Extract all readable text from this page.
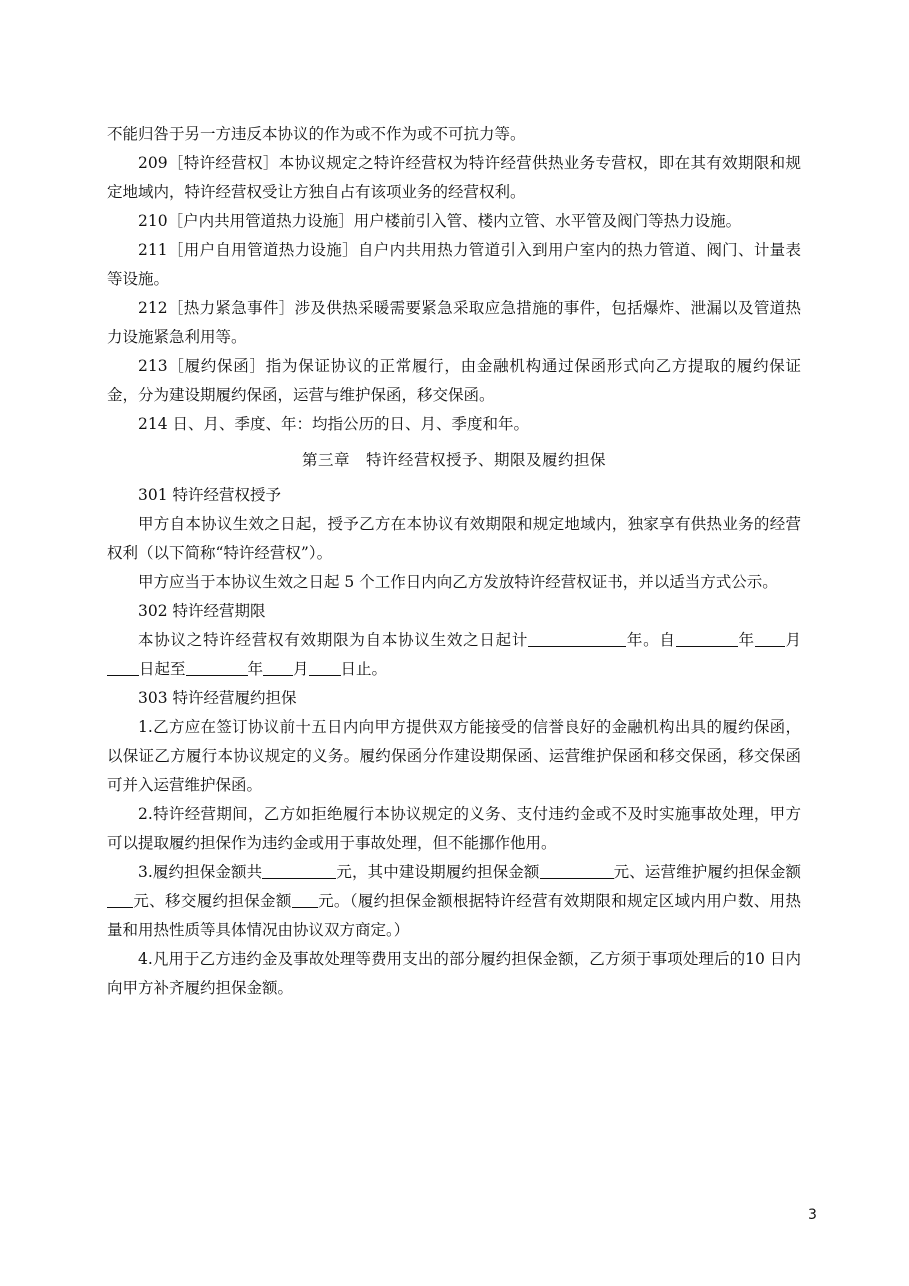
不能归咎于另一方违反本协议的作为或不作为或不可抗力等。

209［特许经营权］本协议规定之特许经营权为特许经营供热业务专营权，即在其有效期限和规定地域内，特许经营权受让方独自占有该项业务的经营权利。

210［户内共用管道热力设施］用户楼前引入管、楼内立管、水平管及阀门等热力设施。

211［用户自用管道热力设施］自户内共用热力管道引入到用户室内的热力管道、阀门、计量表等设施。

212［热力紧急事件］涉及供热采暖需要紧急采取应急措施的事件，包括爆炸、泄漏以及管道热力设施紧急利用等。

213［履约保函］指为保证协议的正常履行，由金融机构通过保函形式向乙方提取的履约保证金，分为建设期履约保函，运营与维护保函，移交保函。

214 日、月、季度、年：均指公历的日、月、季度和年。

第三章　特许经营权授予、期限及履约担保

301 特许经营权授予

甲方自本协议生效之日起，授予乙方在本协议有效期限和规定地域内，独家享有供热业务的经营权利（以下简称“特许经营权”）。

甲方应当于本协议生效之日起 5 个工作日内向乙方发放特许经营权证书，并以适当方式公示。

302 特许经营期限

本协议之特许经营权有效期限为自本协议生效之日起计	年。自	年 月日起至	年 月 日止。

303 特许经营履约担保

1.乙方应在签订协议前十五日内向甲方提供双方能接受的信誉良好的金融机构出具的履约保函，以保证乙方履行本协议规定的义务。履约保函分作建设期保函、运营维护保函和移交保函，移交保函可并入运营维护保函。

2.特许经营期间，乙方如拒绝履行本协议规定的义务、支付违约金或不及时实施事故处理，甲方可以提取履约担保作为违约金或用于事故处理，但不能挪作他用。

3.履约担保金额共	元，其中建设期履约担保金额	元、运营维护履约担保金额元、移交履约担保金额 元。（履约担保金额根据特许经营有效期限和规定区域内用户数、用热量和用热性质等具体情况由协议双方商定。）

4.凡用于乙方违约金及事故处理等费用支出的部分履约担保金额，乙方须于事项处理后的10 日内向甲方补齐履约担保金额。

3
